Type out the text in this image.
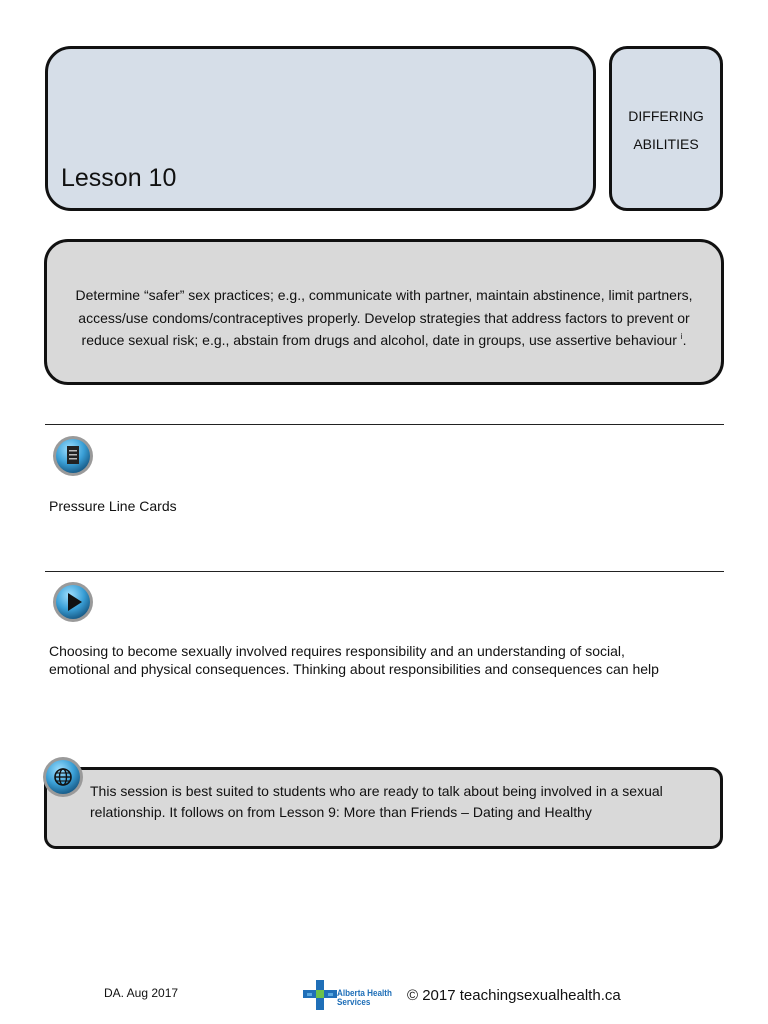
Lesson 10
DIFFERING
ABILITIES
Determine “safer” sex practices; e.g., communicate with partner, maintain abstinence, limit partners, access/use condoms/contraceptives properly. Develop strategies that address factors to prevent or reduce sexual risk; e.g., abstain from drugs and alcohol, date in groups, use assertive behaviour $^i$.
Pressure Line Cards
Choosing to become sexually involved requires responsibility and an understanding of social,
emotional and physical consequences. Thinking about responsibilities and consequences can help
This session is best suited to students who are ready to talk about being involved in a sexual
relationship. It follows on from Lesson 9: More than Friends – Dating and Healthy
DA. Aug 2017	Alberta Health
Services	© 2017 teachingsexualhealth.ca
